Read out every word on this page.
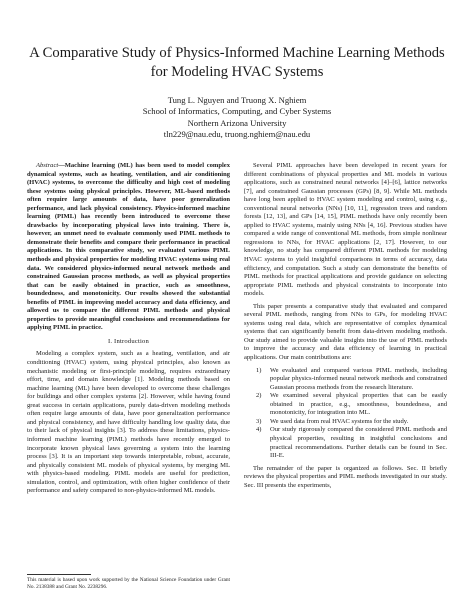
A Comparative Study of Physics-Informed Machine Learning Methods for Modeling HVAC Systems
Tung L. Nguyen and Truong X. Nghiem
School of Informatics, Computing, and Cyber Systems
Northern Arizona University
tln229@nau.edu, truong.nghiem@nau.edu

Abstract—Machine learning (ML) has been used to model complex dynamical systems, such as heating, ventilation, and air conditioning (HVAC) systems, to overcome the difficulty and high cost of modeling these systems using physical principles. However, ML-based methods often require large amounts of data, have poor generalization performance, and lack physical consistency. Physics-informed machine learning (PIML) has recently been introduced to overcome these drawbacks by incorporating physical laws into training. There is, however, an unmet need to evaluate commonly used PIML methods to demonstrate their benefits and compare their performance in practical applications. In this comparative study, we evaluated various PIML methods and physical properties for modeling HVAC systems using real data. We considered physics-informed neural network methods and constrained Gaussian process methods, as well as physical properties that can be easily obtained in practice, such as smoothness, boundedness, and monotonicity. Our results showed the substantial benefits of PIML in improving model accuracy and data efficiency, and allowed us to compare the different PIML methods and physical properties to provide meaningful conclusions and recommendations for applying PIML in practice.

I. Introduction

Modeling a complex system, such as a heating, ventilation, and air conditioning (HVAC) system, using physical principles, also known as mechanistic modeling or first-principle modeling, requires extraordinary effort, time, and domain knowledge [1]. Modeling methods based on machine learning (ML) have been developed to overcome these challenges for buildings and other complex systems [2]. However, while having found great success in certain applications, purely data-driven modeling methods often require large amounts of data, have poor generalization performance and physical consistency, and have difficulty handling low quality data, due to their lack of physical insights [3]. To address these limitations, physics-informed machine learning (PIML) methods have recently emerged to incorporate known physical laws governing a system into the learning process [3]. It is an important step towards interpretable, robust, accurate, and physically consistent ML models of physical systems, by merging ML with physics-based modeling. PIML models are useful for prediction, simulation, control, and optimization, with often higher confidence of their performance and safety compared to non-physics-informed ML models.

Several PIML approaches have been developed in recent years for different combinations of physical properties and ML models in various applications, such as constrained neural networks [4]–[6], lattice networks [7], and constrained Gaussian processes (GPs) [8, 9]. While ML methods have long been applied to HVAC system modeling and control, using e.g., conventional neural networks (NNs) [10, 11], regression trees and random forests [12, 13], and GPs [14, 15], PIML methods have only recently been applied to HVAC systems, mainly using NNs [4, 16]. Previous studies have compared a wide range of conventional ML methods, from simple nonlinear regressions to NNs, for HVAC applications [2, 17]. However, to our knowledge, no study has compared different PIML methods for modeling HVAC systems to yield insightful comparisons in terms of accuracy, data efficiency, and computation. Such a study can demonstrate the benefits of PIML methods for practical applications and provide guidance on selecting appropriate PIML methods and physical constraints to incorporate into models.

This paper presents a comparative study that evaluated and compared several PIML methods, ranging from NNs to GPs, for modeling HVAC systems using real data, which are representative of complex dynamical systems that can significantly benefit from data-driven modeling methods. Our study aimed to provide valuable insights into the use of PIML methods to improve the accuracy and data efficiency of learning in practical applications. Our main contributions are:

1) We evaluated and compared various PIML methods, including popular physics-informed neural network methods and constrained Gaussian process methods from the research literature.
2) We examined several physical properties that can be easily obtained in practice, e.g., smoothness, boundedness, and monotonicity, for integration into ML.
3) We used data from real HVAC systems for the study.
4) Our study rigorously compared the considered PIML methods and physical properties, resulting in insightful conclusions and practical recommendations. Further details can be found in Sec. III-E.

The remainder of the paper is organized as follows. Sec. II briefly reviews the physical properties and PIML methods investigated in our study. Sec. III presents the experiments,

This material is based upon work supported by the National Science Foundation under Grant No. 2138388 and Grant No. 2238296.
